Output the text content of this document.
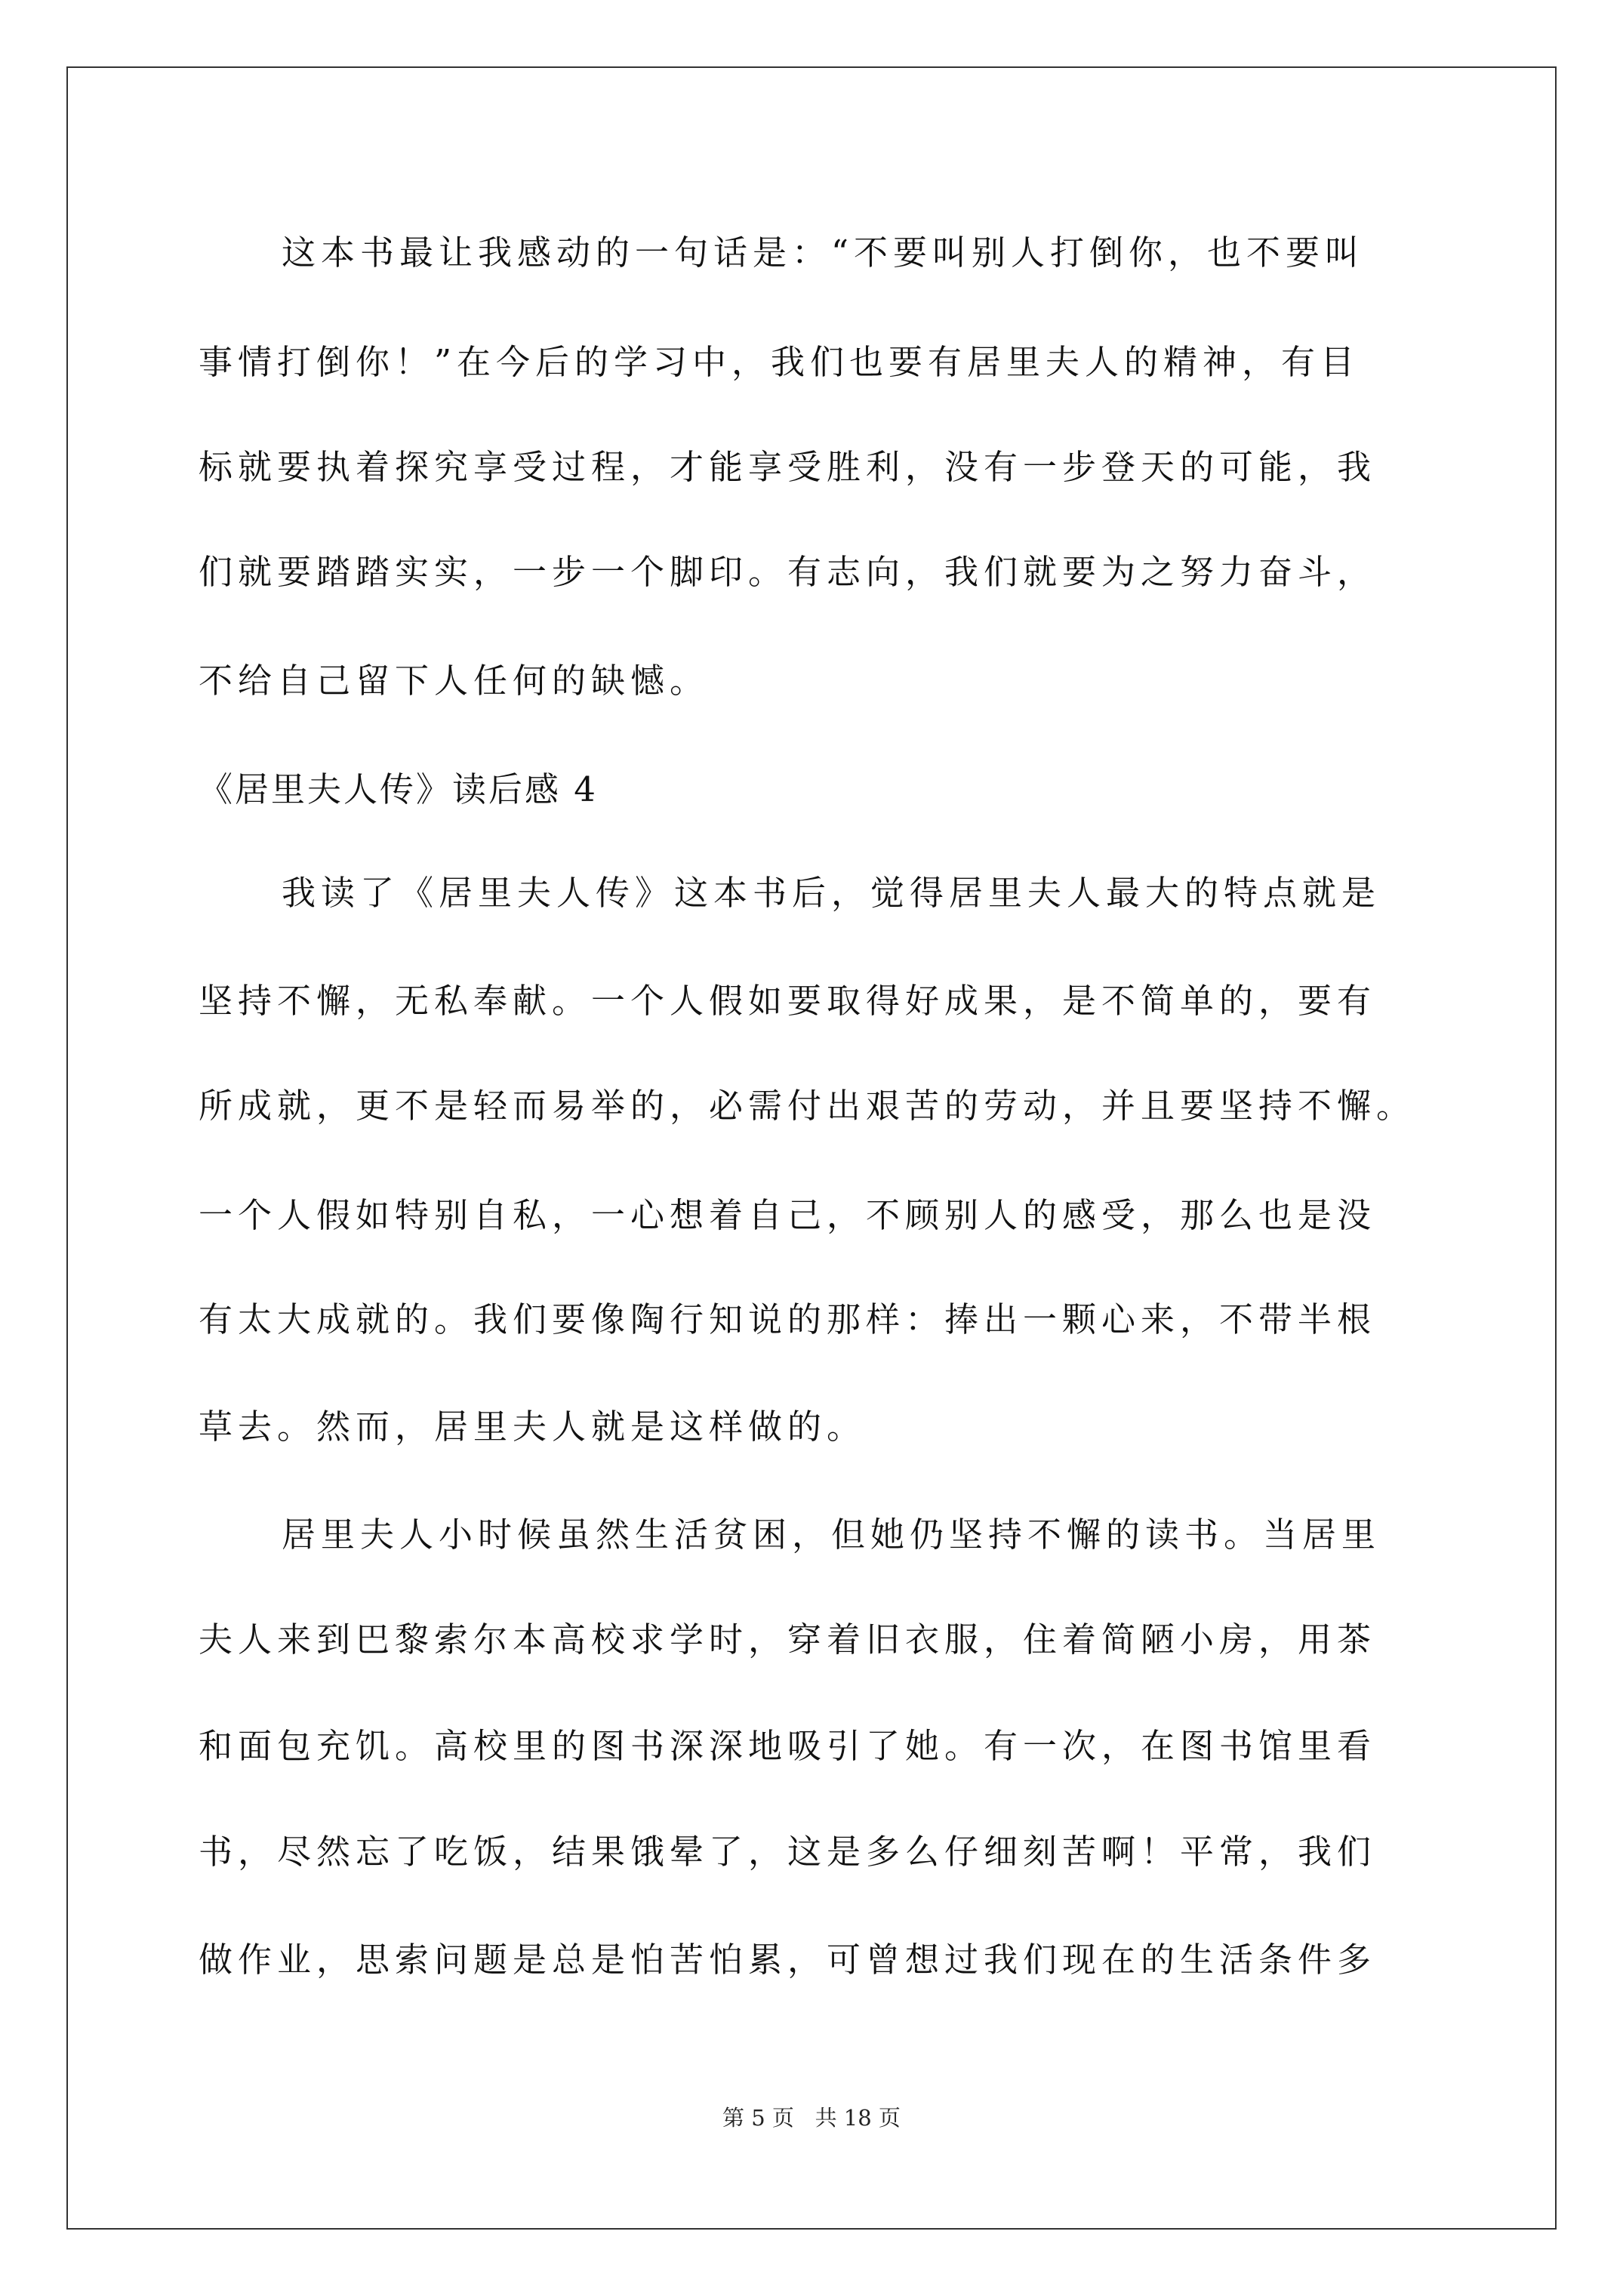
这本书最让我感动的一句话是：“不要叫别人打倒你，也不要叫
事情打倒你！”在今后的学习中，我们也要有居里夫人的精神，有目
标就要执着探究享受过程，才能享受胜利，没有一步登天的可能，我
们就要踏踏实实，一步一个脚印。有志向，我们就要为之努力奋斗，
不给自己留下人任何的缺憾。
《居里夫人传》读后感 4
我读了《居里夫人传》这本书后，觉得居里夫人最大的特点就是
坚持不懈，无私奉献。一个人假如要取得好成果，是不简单的，要有
所成就，更不是轻而易举的，必需付出艰苦的劳动，并且要坚持不懈。
一个人假如特别自私，一心想着自己，不顾别人的感受，那么也是没
有太大成就的。我们要像陶行知说的那样：捧出一颗心来，不带半根
草去。然而，居里夫人就是这样做的。
居里夫人小时候虽然生活贫困，但她仍坚持不懈的读书。当居里
夫人来到巴黎索尔本高校求学时，穿着旧衣服，住着简陋小房，用茶
和面包充饥。高校里的图书深深地吸引了她。有一次，在图书馆里看
书，尽然忘了吃饭，结果饿晕了，这是多么仔细刻苦啊！平常，我们
做作业，思索问题是总是怕苦怕累，可曾想过我们现在的生活条件多
第 5 页   共 18 页
